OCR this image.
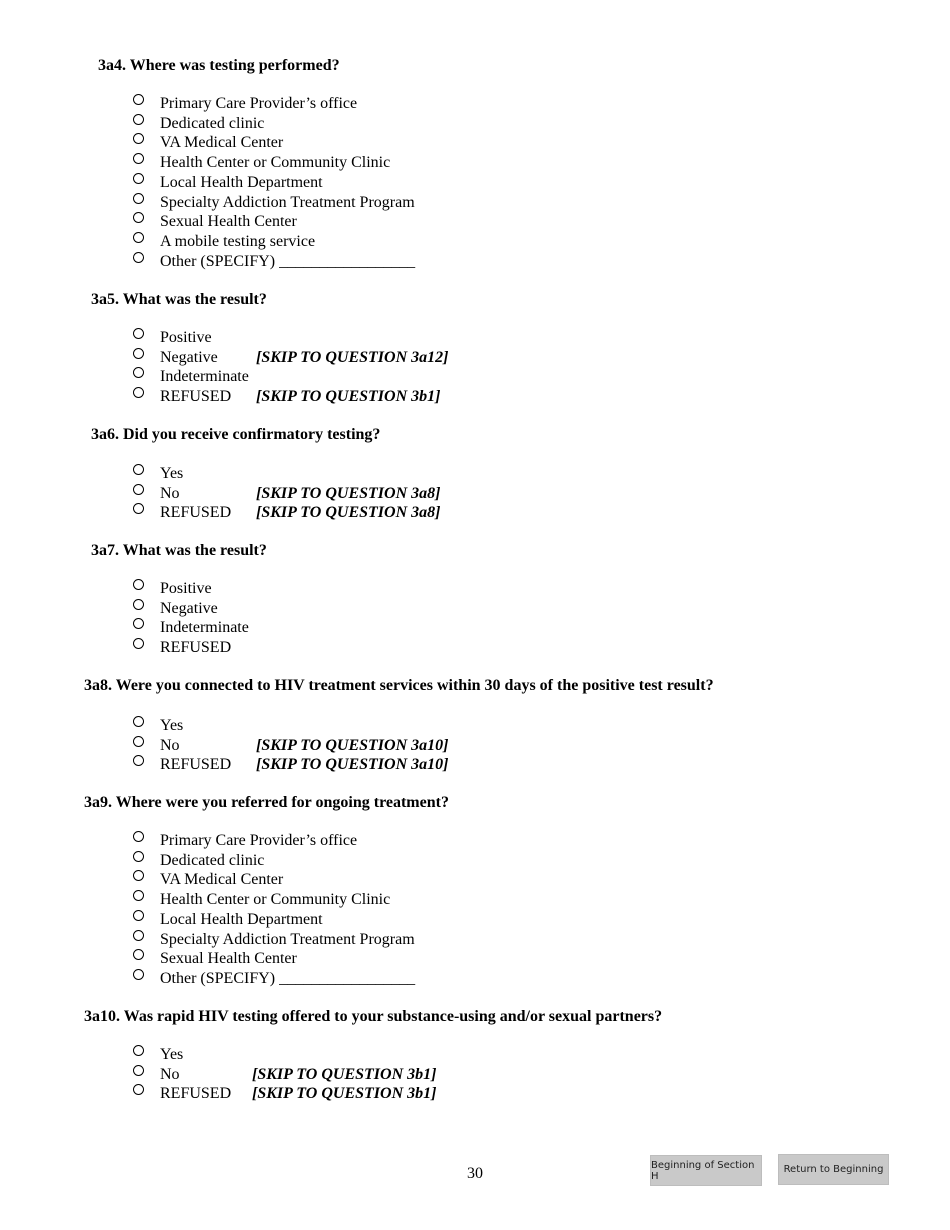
3a4. Where was testing performed?
Primary Care Provider’s office
Dedicated clinic
VA Medical Center
Health Center or Community Clinic
Local Health Department
Specialty Addiction Treatment Program
Sexual Health Center
A mobile testing service
Other (SPECIFY) _________________
3a5. What was the result?
Positive
Negative [SKIP TO QUESTION 3a12]
Indeterminate
REFUSED [SKIP TO QUESTION 3b1]
3a6. Did you receive confirmatory testing?
Yes
No	[SKIP TO QUESTION 3a8]
REFUSED [SKIP TO QUESTION 3a8]
3a7. What was the result?
Positive
Negative
Indeterminate
REFUSED
3a8. Were you connected to HIV treatment services within 30 days of the positive test result?
Yes
No	[SKIP TO QUESTION 3a10]
REFUSED [SKIP TO QUESTION 3a10]
3a9. Where were you referred for ongoing treatment?
Primary Care Provider’s office
Dedicated clinic
VA Medical Center
Health Center or Community Clinic
Local Health Department
Specialty Addiction Treatment Program
Sexual Health Center
Other (SPECIFY) _________________
3a10. Was rapid HIV testing offered to your substance-using and/or sexual partners?
Yes
No	[SKIP TO QUESTION 3b1]
REFUSED [SKIP TO QUESTION 3b1]
30	Beginning of Section H
Return to Beginning
